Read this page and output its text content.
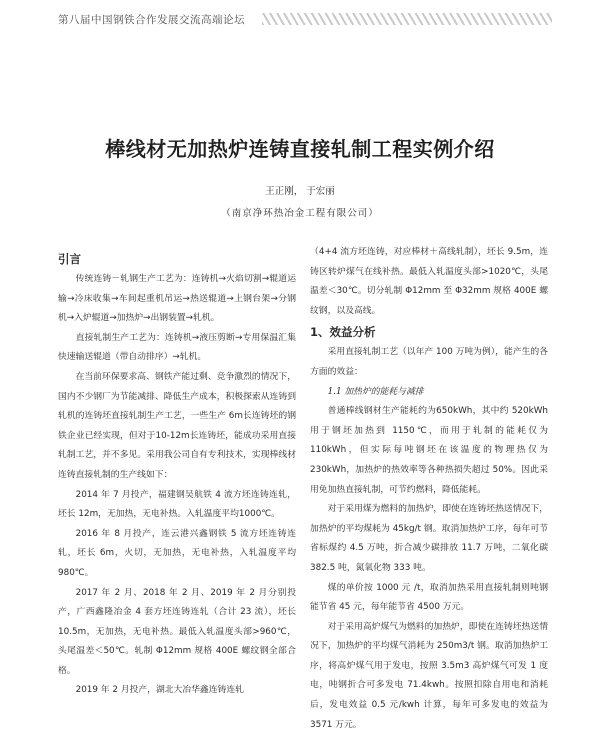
第八届中国钢铁合作发展交流高端论坛
棒线材无加热炉连铸直接轧制工程实例介绍
王正刚， 于宏丽
（南京净环热冶金工程有限公司）
引言

传统连铸－轧钢生产工艺为：连铸机→火焰切割→辊道运输→冷床收集→车间起重机吊运→热送辊道→上钢台架→分钢机→入炉辊道→加热炉→出钢装置→轧机。

直接轧制生产工艺为：连铸机→液压剪断→专用保温汇集快速输送辊道（带自动排序）→轧机。

在当前环保要求高、钢铁产能过剩、竞争激烈的情况下，国内不少钢厂为节能减排、降低生产成本，积极探索从连铸到轧机的连铸坯直接轧制生产工艺，一些生产 6m长连铸坯的钢铁企业已经实现，但对于10-12m长连铸坯，能成功采用直接轧制工艺，并不多见。采用我公司自有专利技术，实现棒线材连铸直接轧制的生产线如下：

2014 年 7 月投产，福建钢吴航铁 4 流方坯连铸连轧，坯长 12m，无加热，无电补热。入轧温度平均1000℃。

2016 年 8 月投产，连云港兴鑫钢铁 5 流方坯连铸连轧，坯长 6m，火切，无加热，无电补热，入轧温度平均 980℃。

2017 年 2 月、2018 年 2 月、2019 年 2 月分别投产，广西鑫隆冶金 4 套方坯连铸连轧（合计 23 流），坯长 10.5m，无加热，无电补热。最低入轧温度头部>960℃，头尾温差＜50℃。轧制 Φ12mm 规格 400E 螺纹钢全部合格。

2019 年 2 月投产，湖北大冶华鑫连铸连轧

（4+4 流方坯连铸，对应棒材＋高线轧制），坯长 9.5m，连铸区转炉煤气在线补热。最低入轧温度头部>1020℃，头尾温差＜30℃。切分轧制 Φ12mm 至 Φ32mm 规格 400E 螺纹钢，以及高线。

1、效益分析

采用直接轧制工艺（以年产 100 万吨为例），能产生的各方面的效益：

1.1 加热炉的能耗与减排

普通棒线钢材生产能耗约为650kWh，其中约 520kWh 用于钢坯加热到 1150℃，而用于轧制的能耗仅为 110kWh，但实际每吨钢坯在该温度的物理热仅为 230kWh，加热炉的热效率等各种热损失超过 50%。因此采用免加热直接轧制，可节约燃料，降低能耗。

对于采用煤为燃料的加热炉，即使在连铸坯热送情况下，加热炉的平均煤耗为 45kg/t 钢。取消加热炉工序，每年可节省标煤约 4.5 万吨，折合减少碳排放 11.7 万吨，二氧化碳 382.5 吨，氮氧化物 333 吨。

煤的单价按 1000 元 /t，取消加热采用直接轧制则吨钢能节省 45 元，每年能节省 4500 万元。

对于采用高炉煤气为燃料的加热炉，即使在连铸坯热送情况下，加热炉的平均煤气消耗为 250m3/t 钢。取消加热炉工序，将高炉煤气用于发电，按照 3.5m3 高炉煤气可发 1 度电，吨钢折合可多发电 71.4kwh。按照扣除自用电和消耗后，发电效益 0.5 元/kwh 计算，每年可多发电的效益为 3571 万元。
